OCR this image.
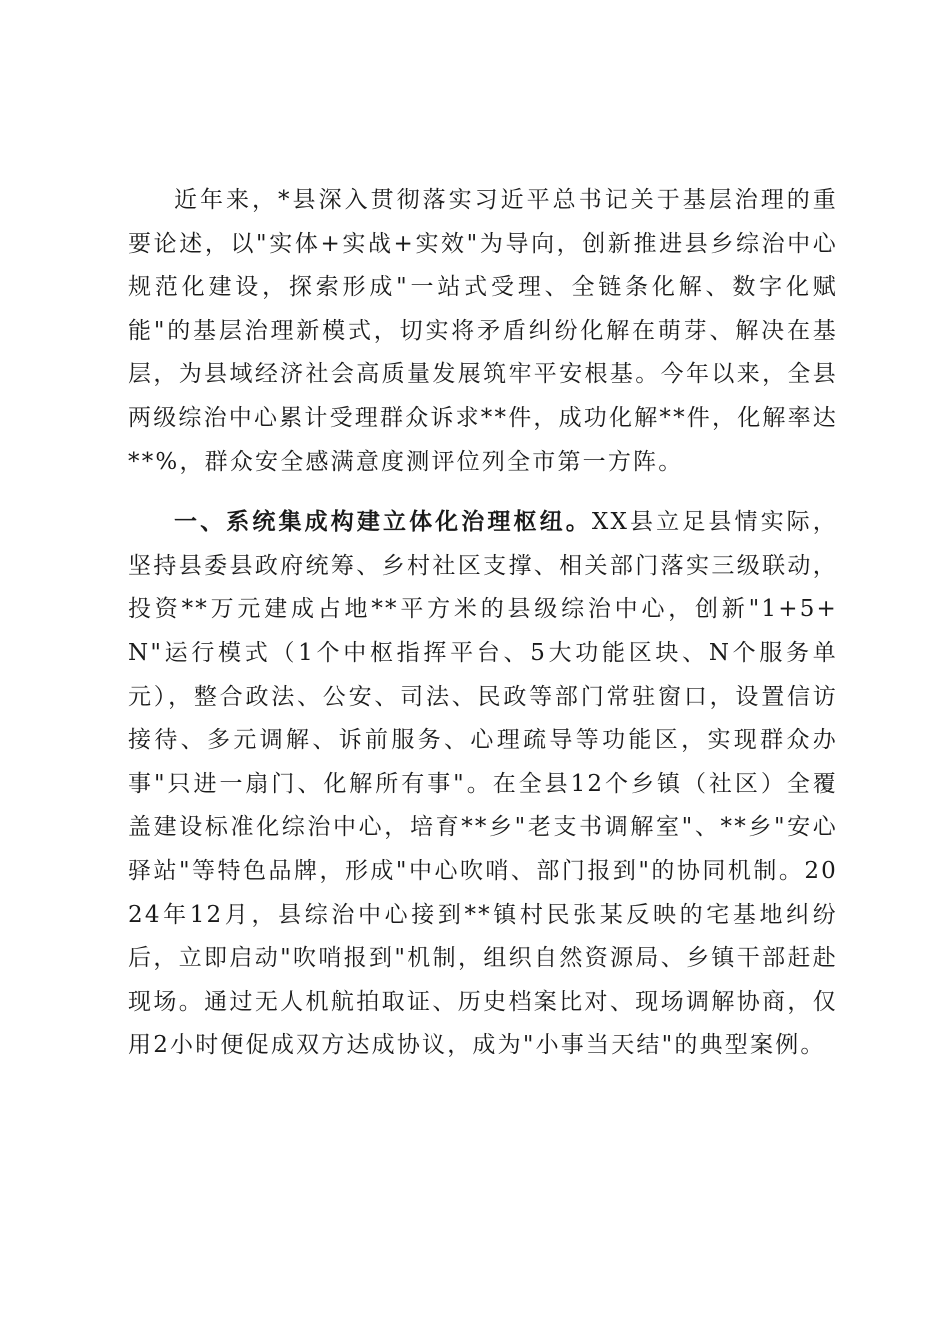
近年来，*县深入贯彻落实习近平总书记关于基层治理的重要论述，以"实体+实战+实效"为导向，创新推进县乡综治中心规范化建设，探索形成"一站式受理、全链条化解、数字化赋能"的基层治理新模式，切实将矛盾纠纷化解在萌芽、解决在基层，为县域经济社会高质量发展筑牢平安根基。今年以来，全县两级综治中心累计受理群众诉求**件，成功化解**件，化解率达**%，群众安全感满意度测评位列全市第一方阵。

一、系统集成构建立体化治理枢纽。XX县立足县情实际，坚持县委县政府统筹、乡村社区支撑、相关部门落实三级联动，投资**万元建成占地**平方米的县级综治中心，创新"1+5+N"运行模式（1个中枢指挥平台、5大功能区块、N个服务单元），整合政法、公安、司法、民政等部门常驻窗口，设置信访接待、多元调解、诉前服务、心理疏导等功能区，实现群众办事"只进一扇门、化解所有事"。在全县12个乡镇（社区）全覆盖建设标准化综治中心，培育**乡"老支书调解室"、**乡"安心驿站"等特色品牌，形成"中心吹哨、部门报到"的协同机制。2024年12月，县综治中心接到**镇村民张某反映的宅基地纠纷后，立即启动"吹哨报到"机制，组织自然资源局、乡镇干部赶赴现场。通过无人机航拍取证、历史档案比对、现场调解协商，仅用2小时便促成双方达成协议，成为"小事当天结"的典型案例。
